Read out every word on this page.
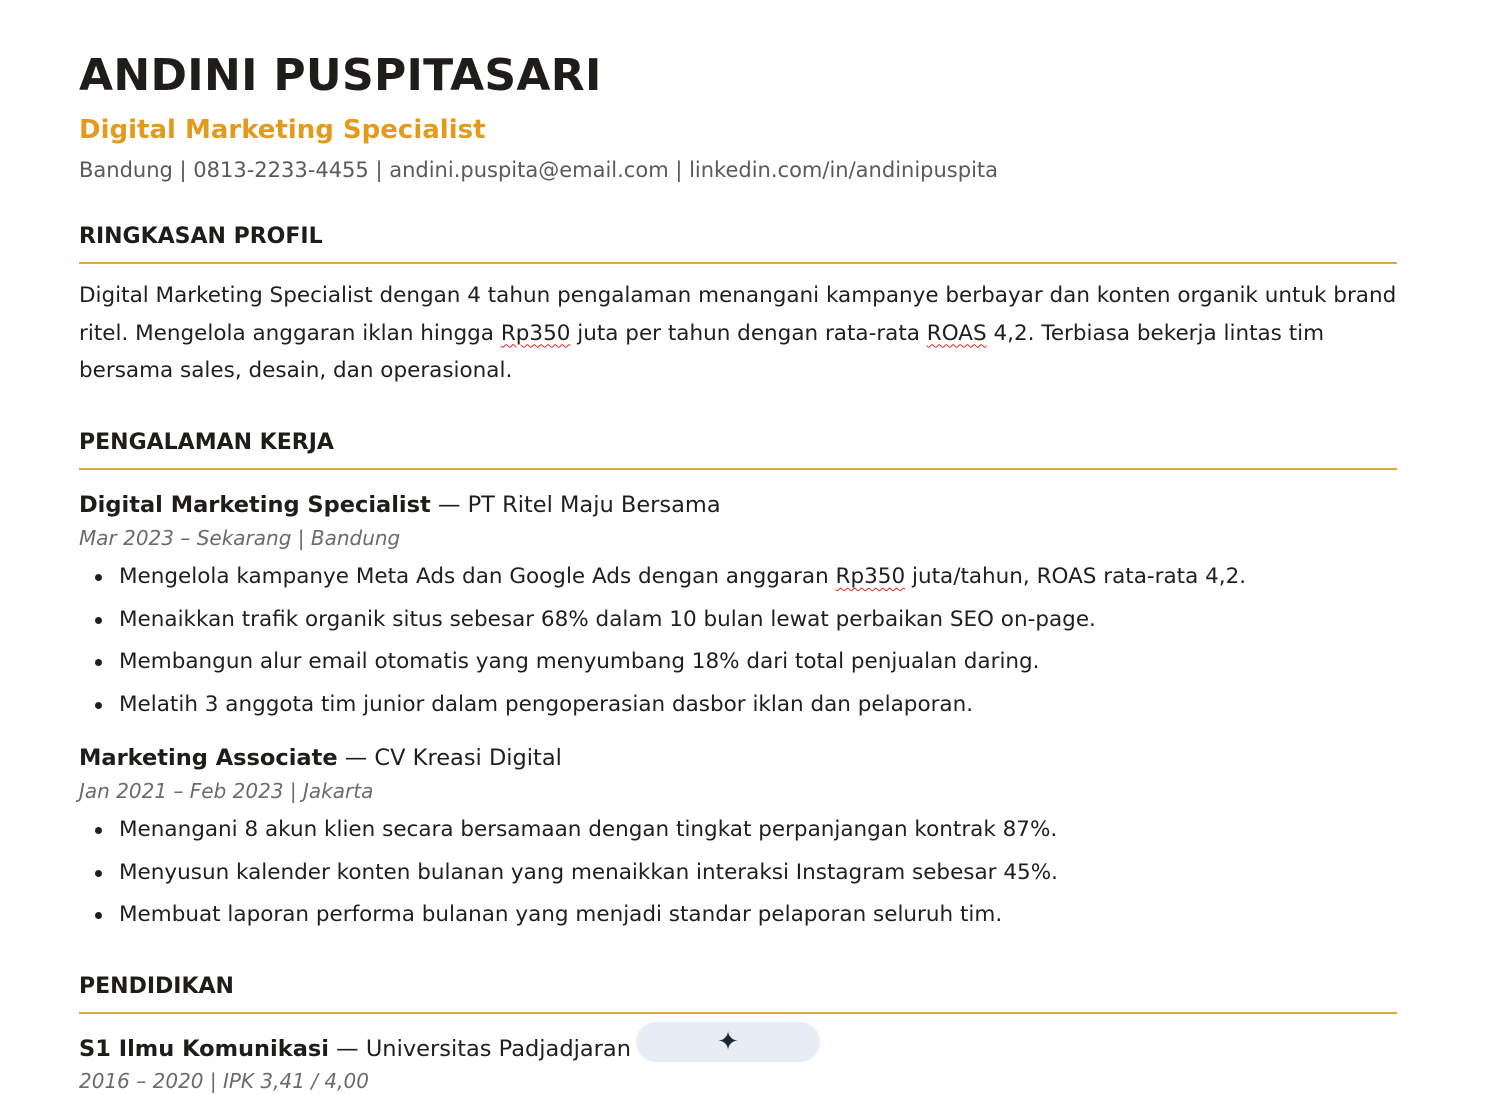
ANDINI PUSPITASARI
Digital Marketing Specialist
Bandung | 0813-2233-4455 | andini.puspita@email.com | linkedin.com/in/andinipuspita
RINGKASAN PROFIL
Digital Marketing Specialist dengan 4 tahun pengalaman menangani kampanye berbayar dan konten organik untuk brand ritel. Mengelola anggaran iklan hingga Rp350 juta per tahun dengan rata-rata ROAS 4,2. Terbiasa bekerja lintas tim bersama sales, desain, dan operasional.
PENGALAMAN KERJA
Digital Marketing Specialist — PT Ritel Maju Bersama
Mar 2023 – Sekarang | Bandung
Mengelola kampanye Meta Ads dan Google Ads dengan anggaran Rp350 juta/tahun, ROAS rata-rata 4,2.
Menaikkan trafik organik situs sebesar 68% dalam 10 bulan lewat perbaikan SEO on-page.
Membangun alur email otomatis yang menyumbang 18% dari total penjualan daring.
Melatih 3 anggota tim junior dalam pengoperasian dasbor iklan dan pelaporan.
Marketing Associate — CV Kreasi Digital
Jan 2021 – Feb 2023 | Jakarta
Menangani 8 akun klien secara bersamaan dengan tingkat perpanjangan kontrak 87%.
Menyusun kalender konten bulanan yang menaikkan interaksi Instagram sebesar 45%.
Membuat laporan performa bulanan yang menjadi standar pelaporan seluruh tim.
PENDIDIKAN
S1 Ilmu Komunikasi — Universitas Padjadjaran
2016 – 2020 | IPK 3,41 / 4,00
✦
